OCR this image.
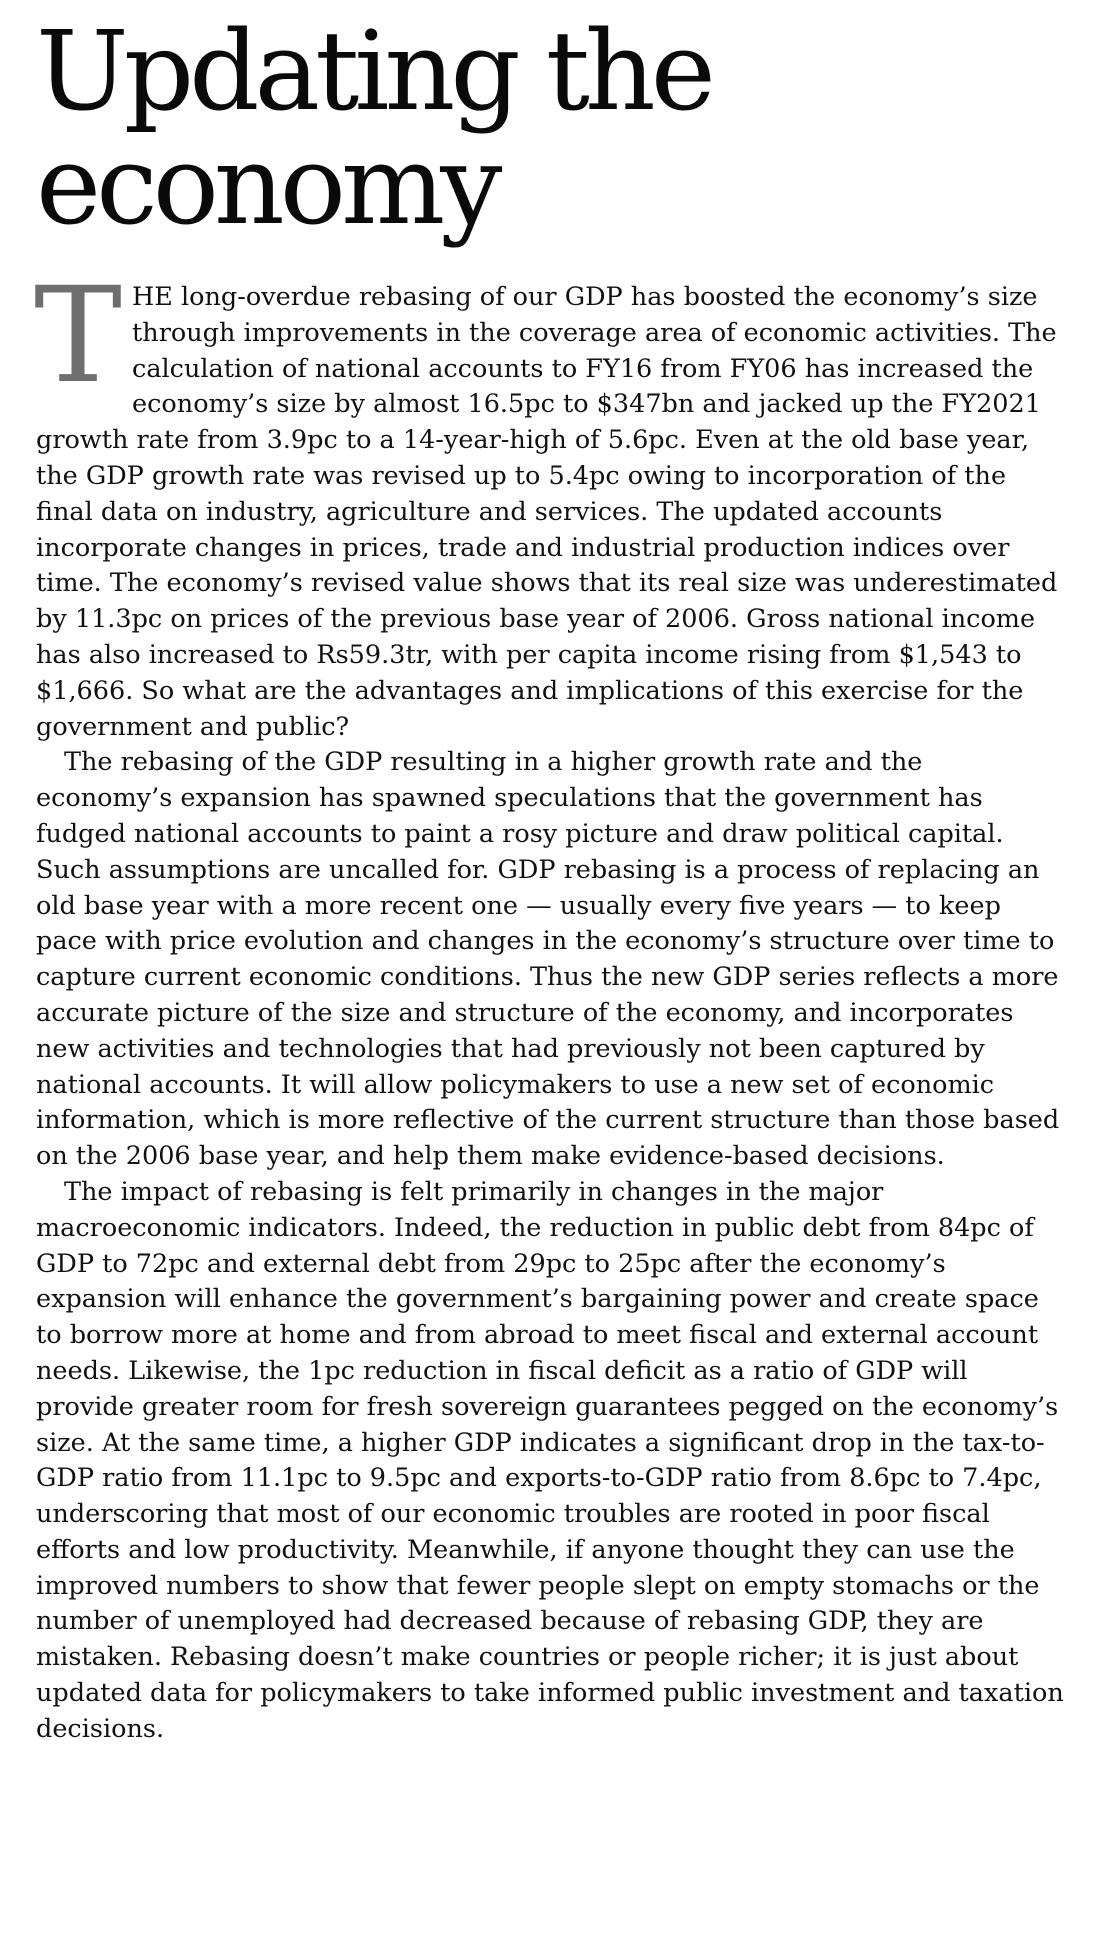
Updating the economy

THE long-overdue rebasing of our GDP has boosted the economy’s size through improvements in the coverage area of economic activities. The calculation of national accounts to FY16 from FY06 has increased the economy’s size by almost 16.5pc to $347bn and jacked up the FY2021 growth rate from 3.9pc to a 14-year-high of 5.6pc. Even at the old base year, the GDP growth rate was revised up to 5.4pc owing to incorporation of the final data on industry, agriculture and services. The updated accounts incorporate changes in prices, trade and industrial production indices over time. The economy’s revised value shows that its real size was underestimated by 11.3pc on prices of the previous base year of 2006. Gross national income has also increased to Rs59.3tr, with per capita income rising from $1,543 to $1,666. So what are the advantages and implications of this exercise for the government and public?

The rebasing of the GDP resulting in a higher growth rate and the economy’s expansion has spawned speculations that the government has fudged national accounts to paint a rosy picture and draw political capital. Such assumptions are uncalled for. GDP rebasing is a process of replacing an old base year with a more recent one — usually every five years — to keep pace with price evolution and changes in the economy’s structure over time to capture current economic conditions. Thus the new GDP series reflects a more accurate picture of the size and structure of the economy, and incorporates new activities and technologies that had previously not been captured by national accounts. It will allow policymakers to use a new set of economic information, which is more reflective of the current structure than those based on the 2006 base year, and help them make evidence-based decisions.

The impact of rebasing is felt primarily in changes in the major macroeconomic indicators. Indeed, the reduction in public debt from 84pc of GDP to 72pc and external debt from 29pc to 25pc after the economy’s expansion will enhance the government’s bargaining power and create space to borrow more at home and from abroad to meet fiscal and external account needs. Likewise, the 1pc reduction in fiscal deficit as a ratio of GDP will provide greater room for fresh sovereign guarantees pegged on the economy’s size. At the same time, a higher GDP indicates a significant drop in the tax-to-GDP ratio from 11.1pc to 9.5pc and exports-to-GDP ratio from 8.6pc to 7.4pc, underscoring that most of our economic troubles are rooted in poor fiscal efforts and low productivity. Meanwhile, if anyone thought they can use the improved numbers to show that fewer people slept on empty stomachs or the number of unemployed had decreased because of rebasing GDP, they are mistaken. Rebasing doesn’t make countries or people richer; it is just about updated data for policymakers to take informed public investment and taxation decisions.
